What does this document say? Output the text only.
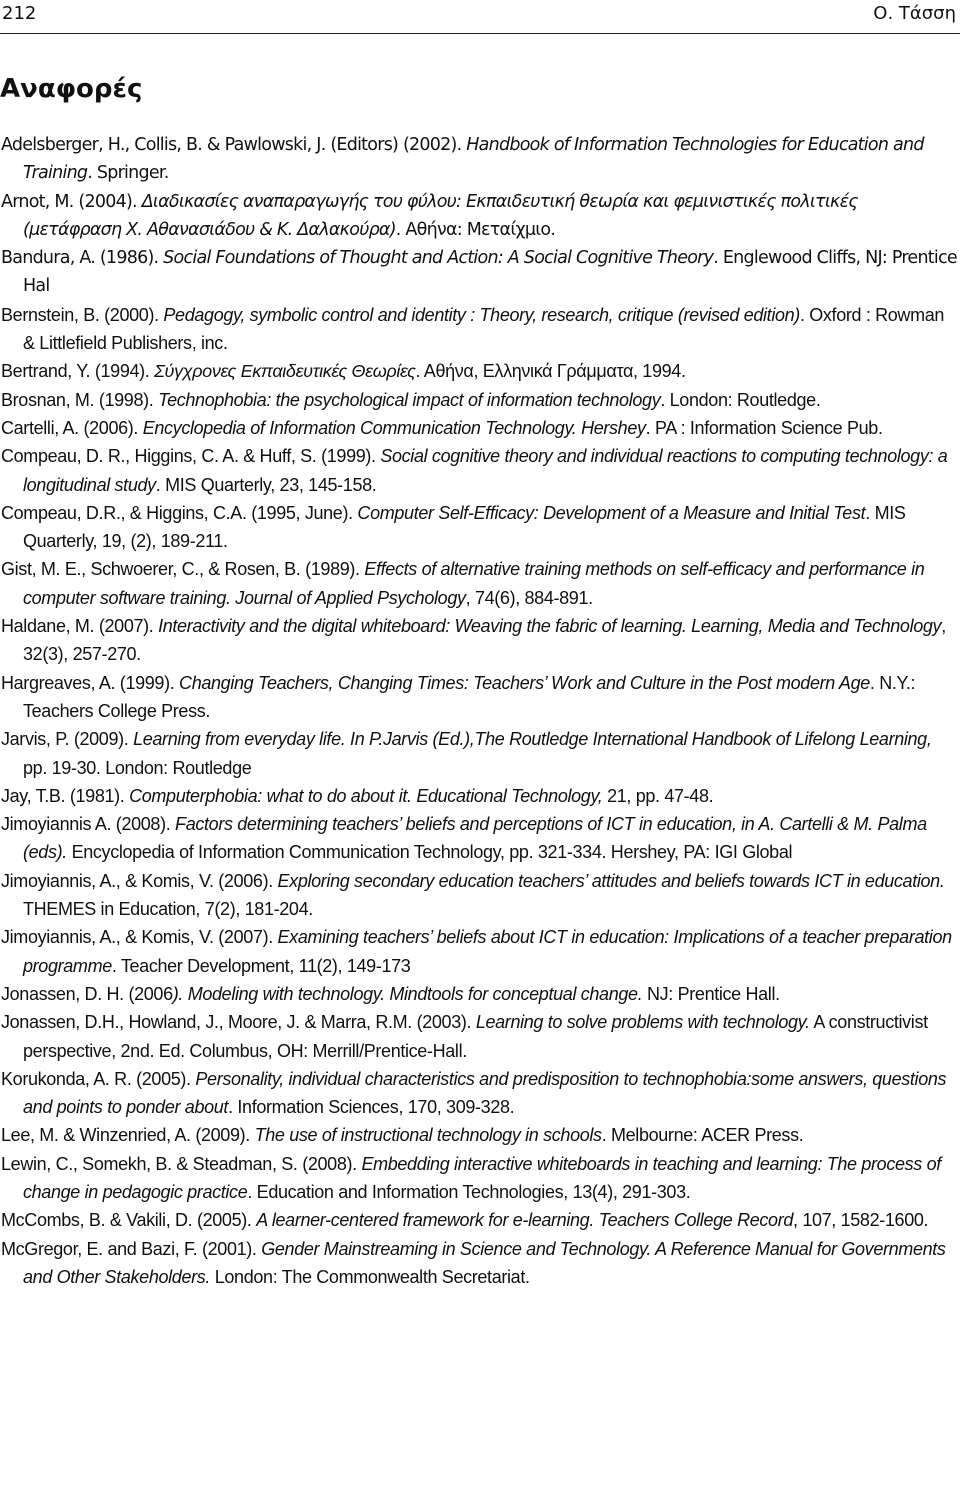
212	Ο. Τάσση
Αναφορές
Adelsberger, H., Collis, B. & Pawlowski, J. (Editors) (2002). Handbook of Information Technologies for Education and Training. Springer.
Arnot, M. (2004). Διαδικασίες αναπαραγωγής του φύλου: Εκπαιδευτική θεωρία και φεμινιστικές πολιτικές (μετάφραση Χ. Αθανασιάδου & Κ. Δαλακούρα). Αθήνα: Μεταίχμιο.
Bandura, A. (1986). Social Foundations of Thought and Action: A Social Cognitive Theory. Englewood Cliffs, NJ: Prentice Hal
Bernstein, B. (2000). Pedagogy, symbolic control and identity : Theory, research, critique (revised edition). Oxford : Rowman & Littlefield Publishers, inc.
Bertrand, Y. (1994). Σύγχρονες Εκπαιδευτικές Θεωρίες. Αθήνα, Ελληνικά Γράμματα, 1994.
Brosnan, M. (1998). Technophobia: the psychological impact of information technology. London: Routledge.
Cartelli, A. (2006). Encyclopedia of Information Communication Technology. Hershey. PA : Information Science Pub.
Compeau, D. R., Higgins, C. A. & Huff, S. (1999). Social cognitive theory and individual reactions to computing technology: a longitudinal study. MIS Quarterly, 23, 145-158.
Compeau, D.R., & Higgins, C.A. (1995, June). Computer Self-Efficacy: Development of a Measure and Initial Test. MIS Quarterly, 19, (2), 189-211.
Gist, M. E., Schwoerer, C., & Rosen, B. (1989). Effects of alternative training methods on self-efficacy and performance in computer software training. Journal of Applied Psychology, 74(6), 884-891.
Haldane, M. (2007). Interactivity and the digital whiteboard: Weaving the fabric of learning. Learning, Media and Technology, 32(3), 257-270.
Hargreaves, A. (1999). Changing Teachers, Changing Times: Teachers’ Work and Culture in the Post modern Age. N.Y.: Teachers College Press.
Jarvis, P. (2009). Learning from everyday life. In P.Jarvis (Ed.),The Routledge International Handbook of Lifelong Learning, pp. 19-30. London: Routledge
Jay, T.B. (1981). Computerphobia: what to do about it. Educational Technology, 21, pp. 47-48.
Jimoyiannis A. (2008). Factors determining teachers’ beliefs and perceptions of ICT in education, in A. Cartelli & M. Palma (eds). Encyclopedia of Information Communication Technology, pp. 321-334. Hershey, PA: IGI Global
Jimoyiannis, A., & Komis, V. (2006). Exploring secondary education teachers’ attitudes and beliefs towards ICT in education. THEMES in Education, 7(2), 181-204.
Jimoyiannis, A., & Komis, V. (2007). Examining teachers’ beliefs about ICT in education: Implications of a teacher preparation programme. Teacher Development, 11(2), 149-173
Jonassen, D. H. (2006). Modeling with technology. Mindtools for conceptual change. NJ: Prentice Hall.
Jonassen, D.H., Howland, J., Moore, J. & Marra, R.M. (2003). Learning to solve problems with technology. A constructivist perspective, 2nd. Ed. Columbus, OH: Merrill/Prentice-Hall.
Korukonda, A. R. (2005). Personality, individual characteristics and predisposition to technophobia:some answers, questions and points to ponder about. Information Sciences, 170, 309-328.
Lee, M. & Winzenried, A. (2009). The use of instructional technology in schools. Melbourne: ACER Press.
Lewin, C., Somekh, B. & Steadman, S. (2008). Embedding interactive whiteboards in teaching and learning: The process of change in pedagogic practice. Education and Information Technologies, 13(4), 291-303.
McCombs, B. & Vakili, D. (2005). A learner-centered framework for e-learning. Teachers College Record, 107, 1582-1600.
McGregor, E. and Bazi, F. (2001). Gender Mainstreaming in Science and Technology. A Reference Manual for Governments and Other Stakeholders. London: The Commonwealth Secretariat.
